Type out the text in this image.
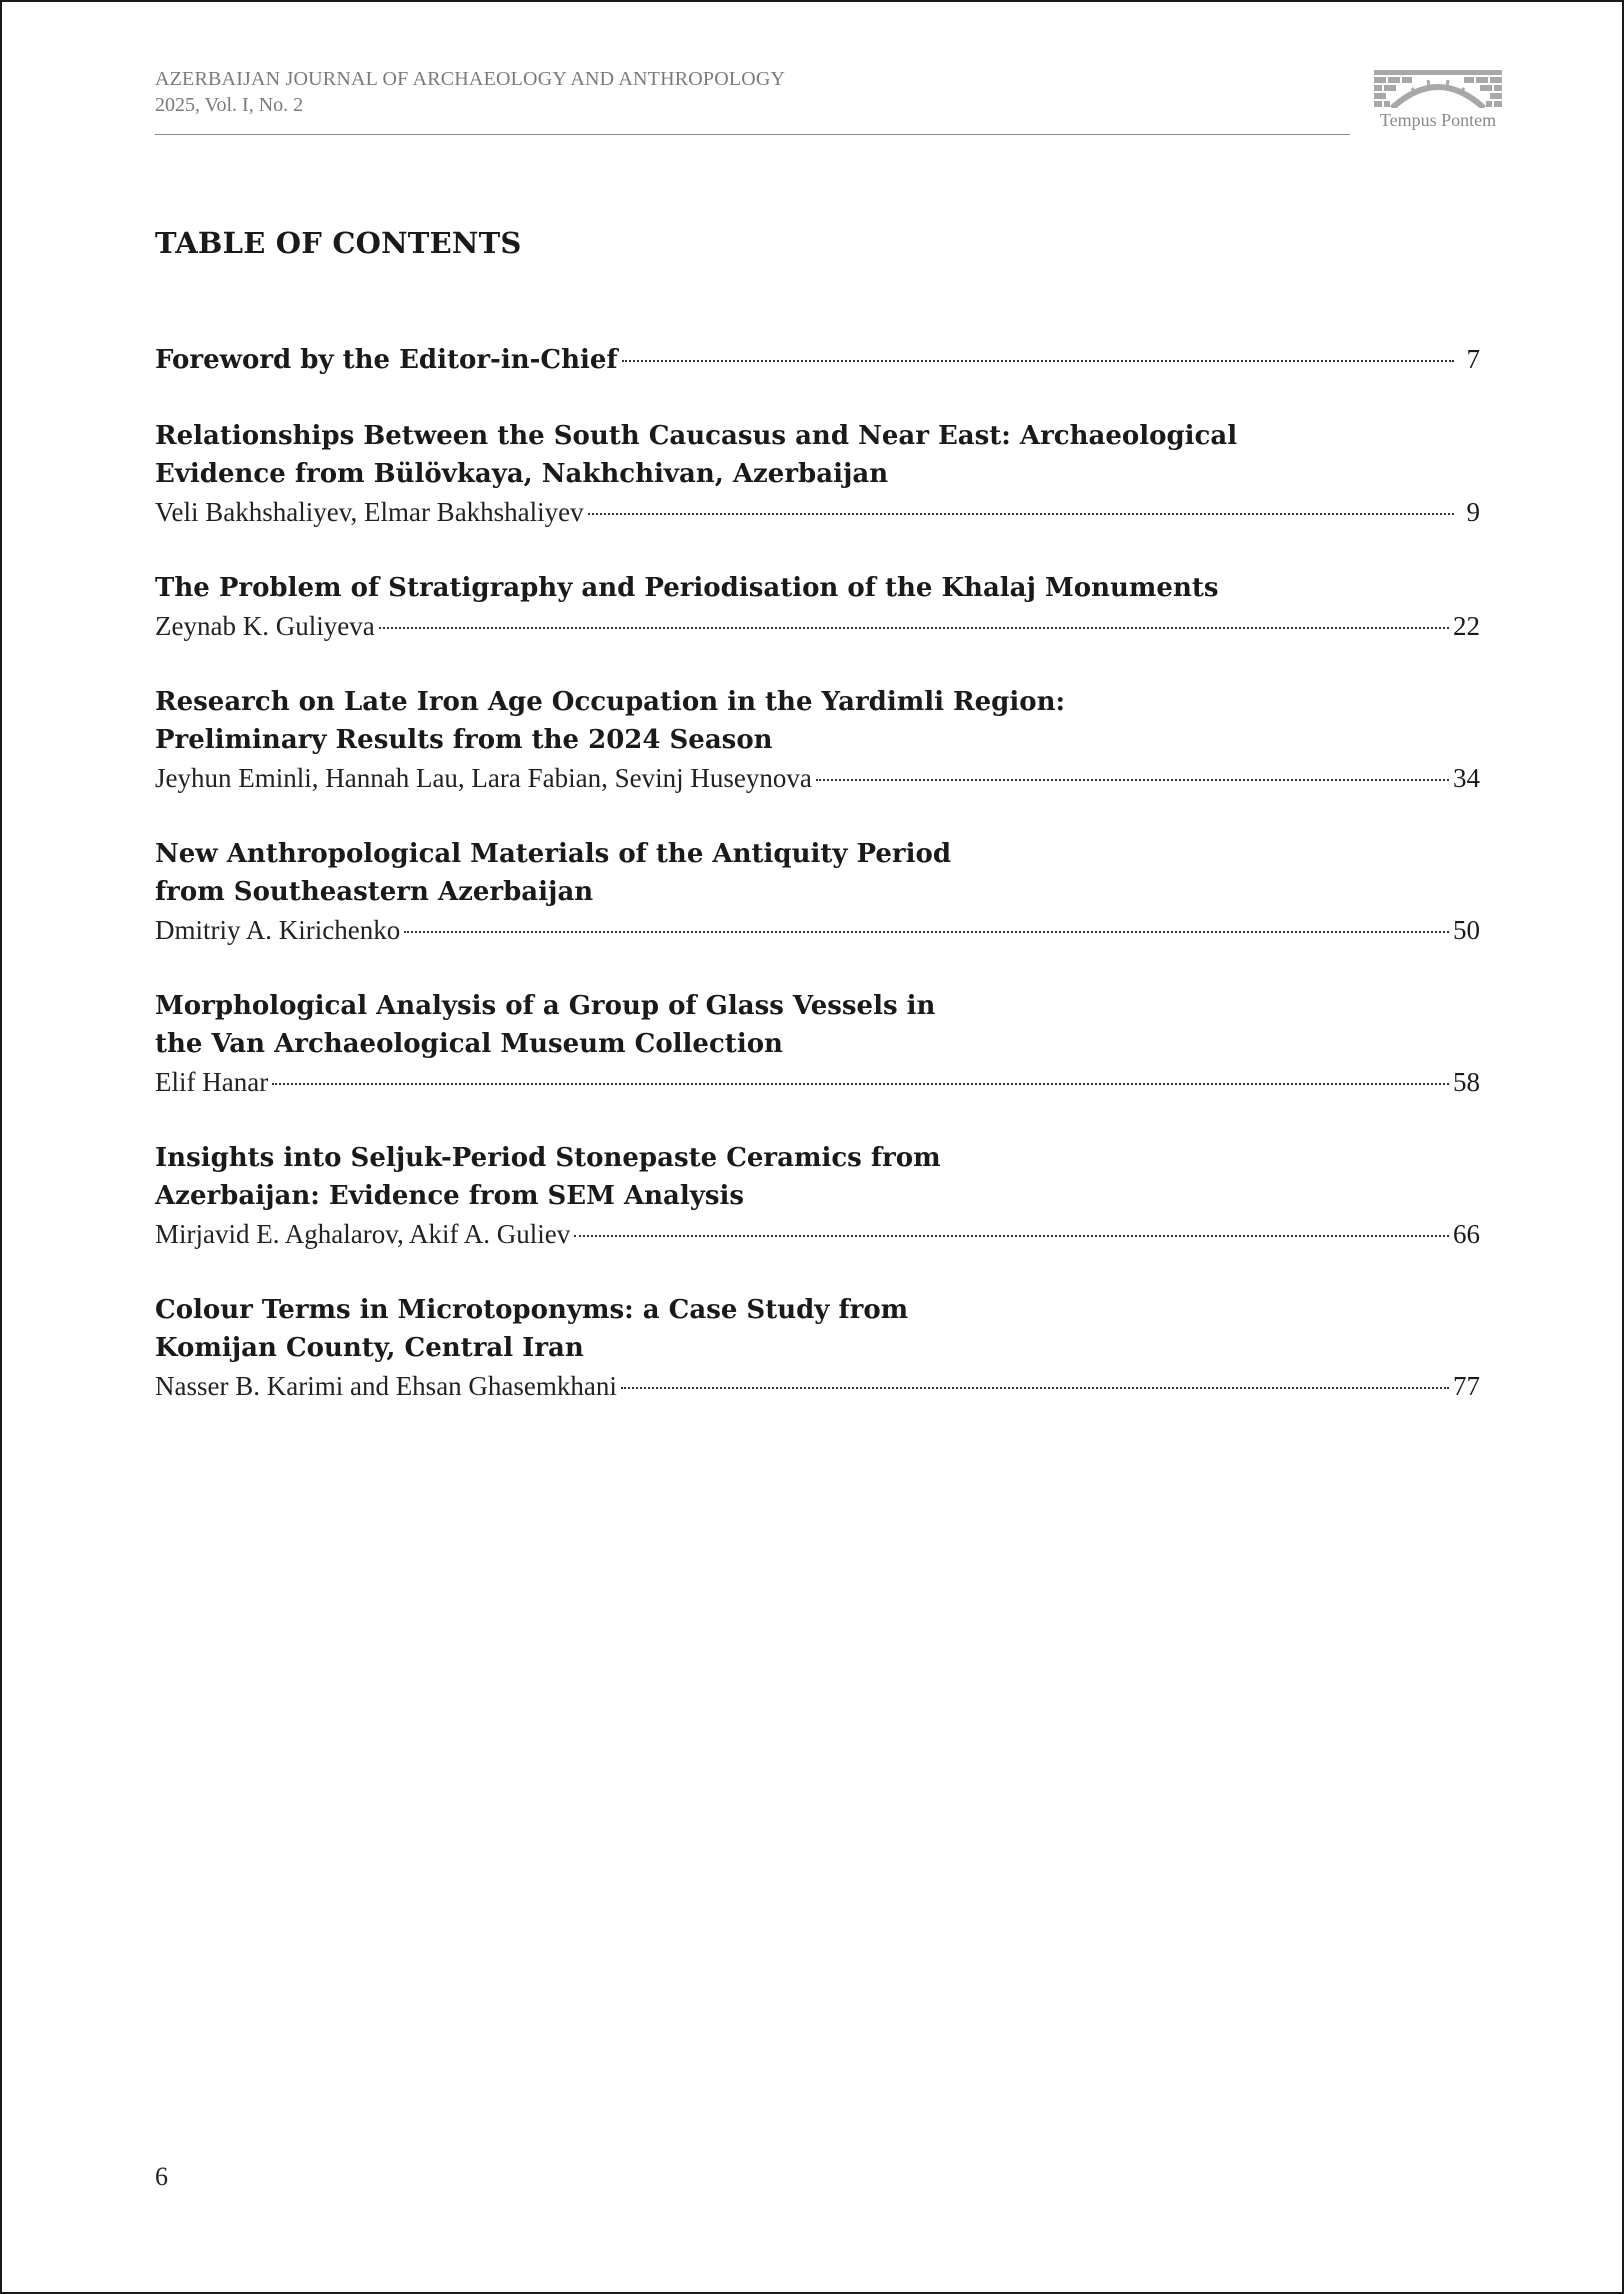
AZERBAIJAN JOURNAL OF ARCHAEOLOGY AND ANTHROPOLOGY
2025, Vol. I, No. 2
Tempus Pontem
TABLE OF CONTENTS
Foreword by the Editor-in-Chief	7
Relationships Between the South Caucasus and Near East: Archaeological
Evidence from Bülövkaya, Nakhchivan, Azerbaijan
Veli Bakhshaliyev, Elmar Bakhshaliyev	9
The Problem of Stratigraphy and Periodisation of the Khalaj Monuments
Zeynab K. Guliyeva	22
Research on Late Iron Age Occupation in the Yardimli Region:
Preliminary Results from the 2024 Season
Jeyhun Eminli, Hannah Lau, Lara Fabian, Sevinj Huseynova	34
New Anthropological Materials of the Antiquity Period
from Southeastern Azerbaijan
Dmitriy A. Kirichenko	50
Morphological Analysis of a Group of Glass Vessels in
the Van Archaeological Museum Collection
Elif Hanar	58
Insights into Seljuk-Period Stonepaste Ceramics from
Azerbaijan: Evidence from SEM Analysis
Mirjavid E. Aghalarov, Akif A. Guliev	66
Colour Terms in Microtoponyms: a Case Study from
Komijan County, Central Iran
Nasser B. Karimi and Ehsan Ghasemkhani	77
6
